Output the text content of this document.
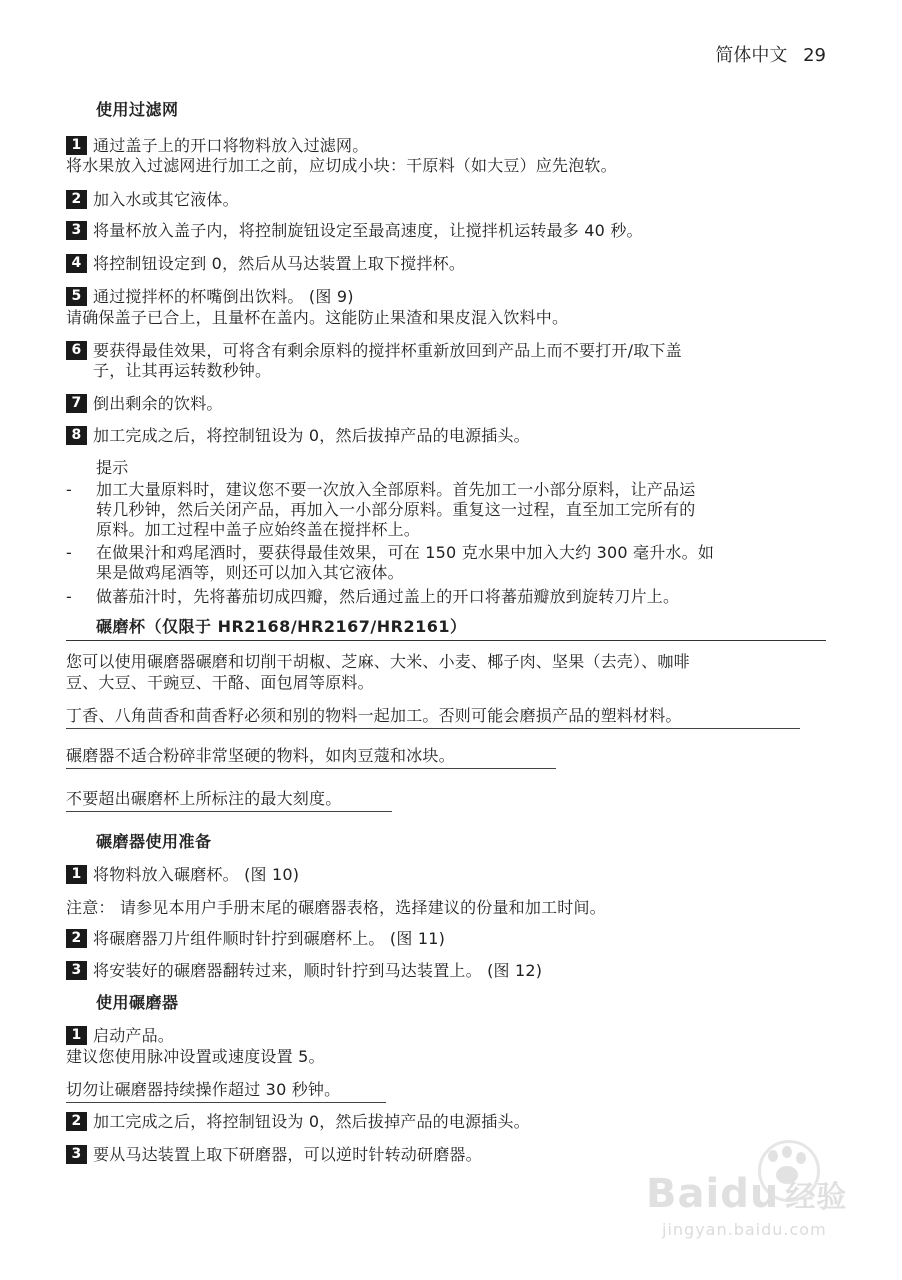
简体中文 29
使用过滤网
1 通过盖子上的开口将物料放入过滤网。
将水果放入过滤网进行加工之前，应切成小块：干原料（如大豆）应先泡软。
2 加入水或其它液体。
3 将量杯放入盖子内，将控制旋钮设定至最高速度，让搅拌机运转最多 40 秒。
4 将控制钮设定到 0，然后从马达装置上取下搅拌杯。
5 通过搅拌杯的杯嘴倒出饮料。 (图 9)
请确保盖子已合上，且量杯在盖内。这能防止果渣和果皮混入饮料中。
6 要获得最佳效果，可将含有剩余原料的搅拌杯重新放回到产品上而不要打开/取下盖
子，让其再运转数秒钟。
7 倒出剩余的饮料。
8 加工完成之后，将控制钮设为 0，然后拔掉产品的电源插头。
提示
- 加工大量原料时，建议您不要一次放入全部原料。首先加工一小部分原料，让产品运
转几秒钟，然后关闭产品，再加入一小部分原料。重复这一过程，直至加工完所有的
原料。加工过程中盖子应始终盖在搅拌杯上。
- 在做果汁和鸡尾酒时，要获得最佳效果，可在 150 克水果中加入大约 300 毫升水。如
果是做鸡尾酒等，则还可以加入其它液体。
- 做蕃茄汁时，先将蕃茄切成四瓣，然后通过盖上的开口将蕃茄瓣放到旋转刀片上。
碾磨杯（仅限于 HR2168/HR2167/HR2161）
您可以使用碾磨器碾磨和切削干胡椒、芝麻、大米、小麦、椰子肉、坚果（去壳）、咖啡
豆、大豆、干豌豆、干酪、面包屑等原料。
丁香、八角茴香和茴香籽必须和别的物料一起加工。否则可能会磨损产品的塑料材料。
碾磨器不适合粉碎非常坚硬的物料，如肉豆蔻和冰块。
不要超出碾磨杯上所标注的最大刻度。
碾磨器使用准备
1 将物料放入碾磨杯。 (图 10)
注意： 请参见本用户手册末尾的碾磨器表格，选择建议的份量和加工时间。
2 将碾磨器刀片组件顺时针拧到碾磨杯上。 (图 11)
3 将安装好的碾磨器翻转过来，顺时针拧到马达装置上。 (图 12)
使用碾磨器
1 启动产品。
建议您使用脉冲设置或速度设置 5。
切勿让碾磨器持续操作超过 30 秒钟。
2 加工完成之后，将控制钮设为 0，然后拔掉产品的电源插头。
3 要从马达装置上取下研磨器，可以逆时针转动研磨器。
Baidu 经验
jingyan.baidu.com
